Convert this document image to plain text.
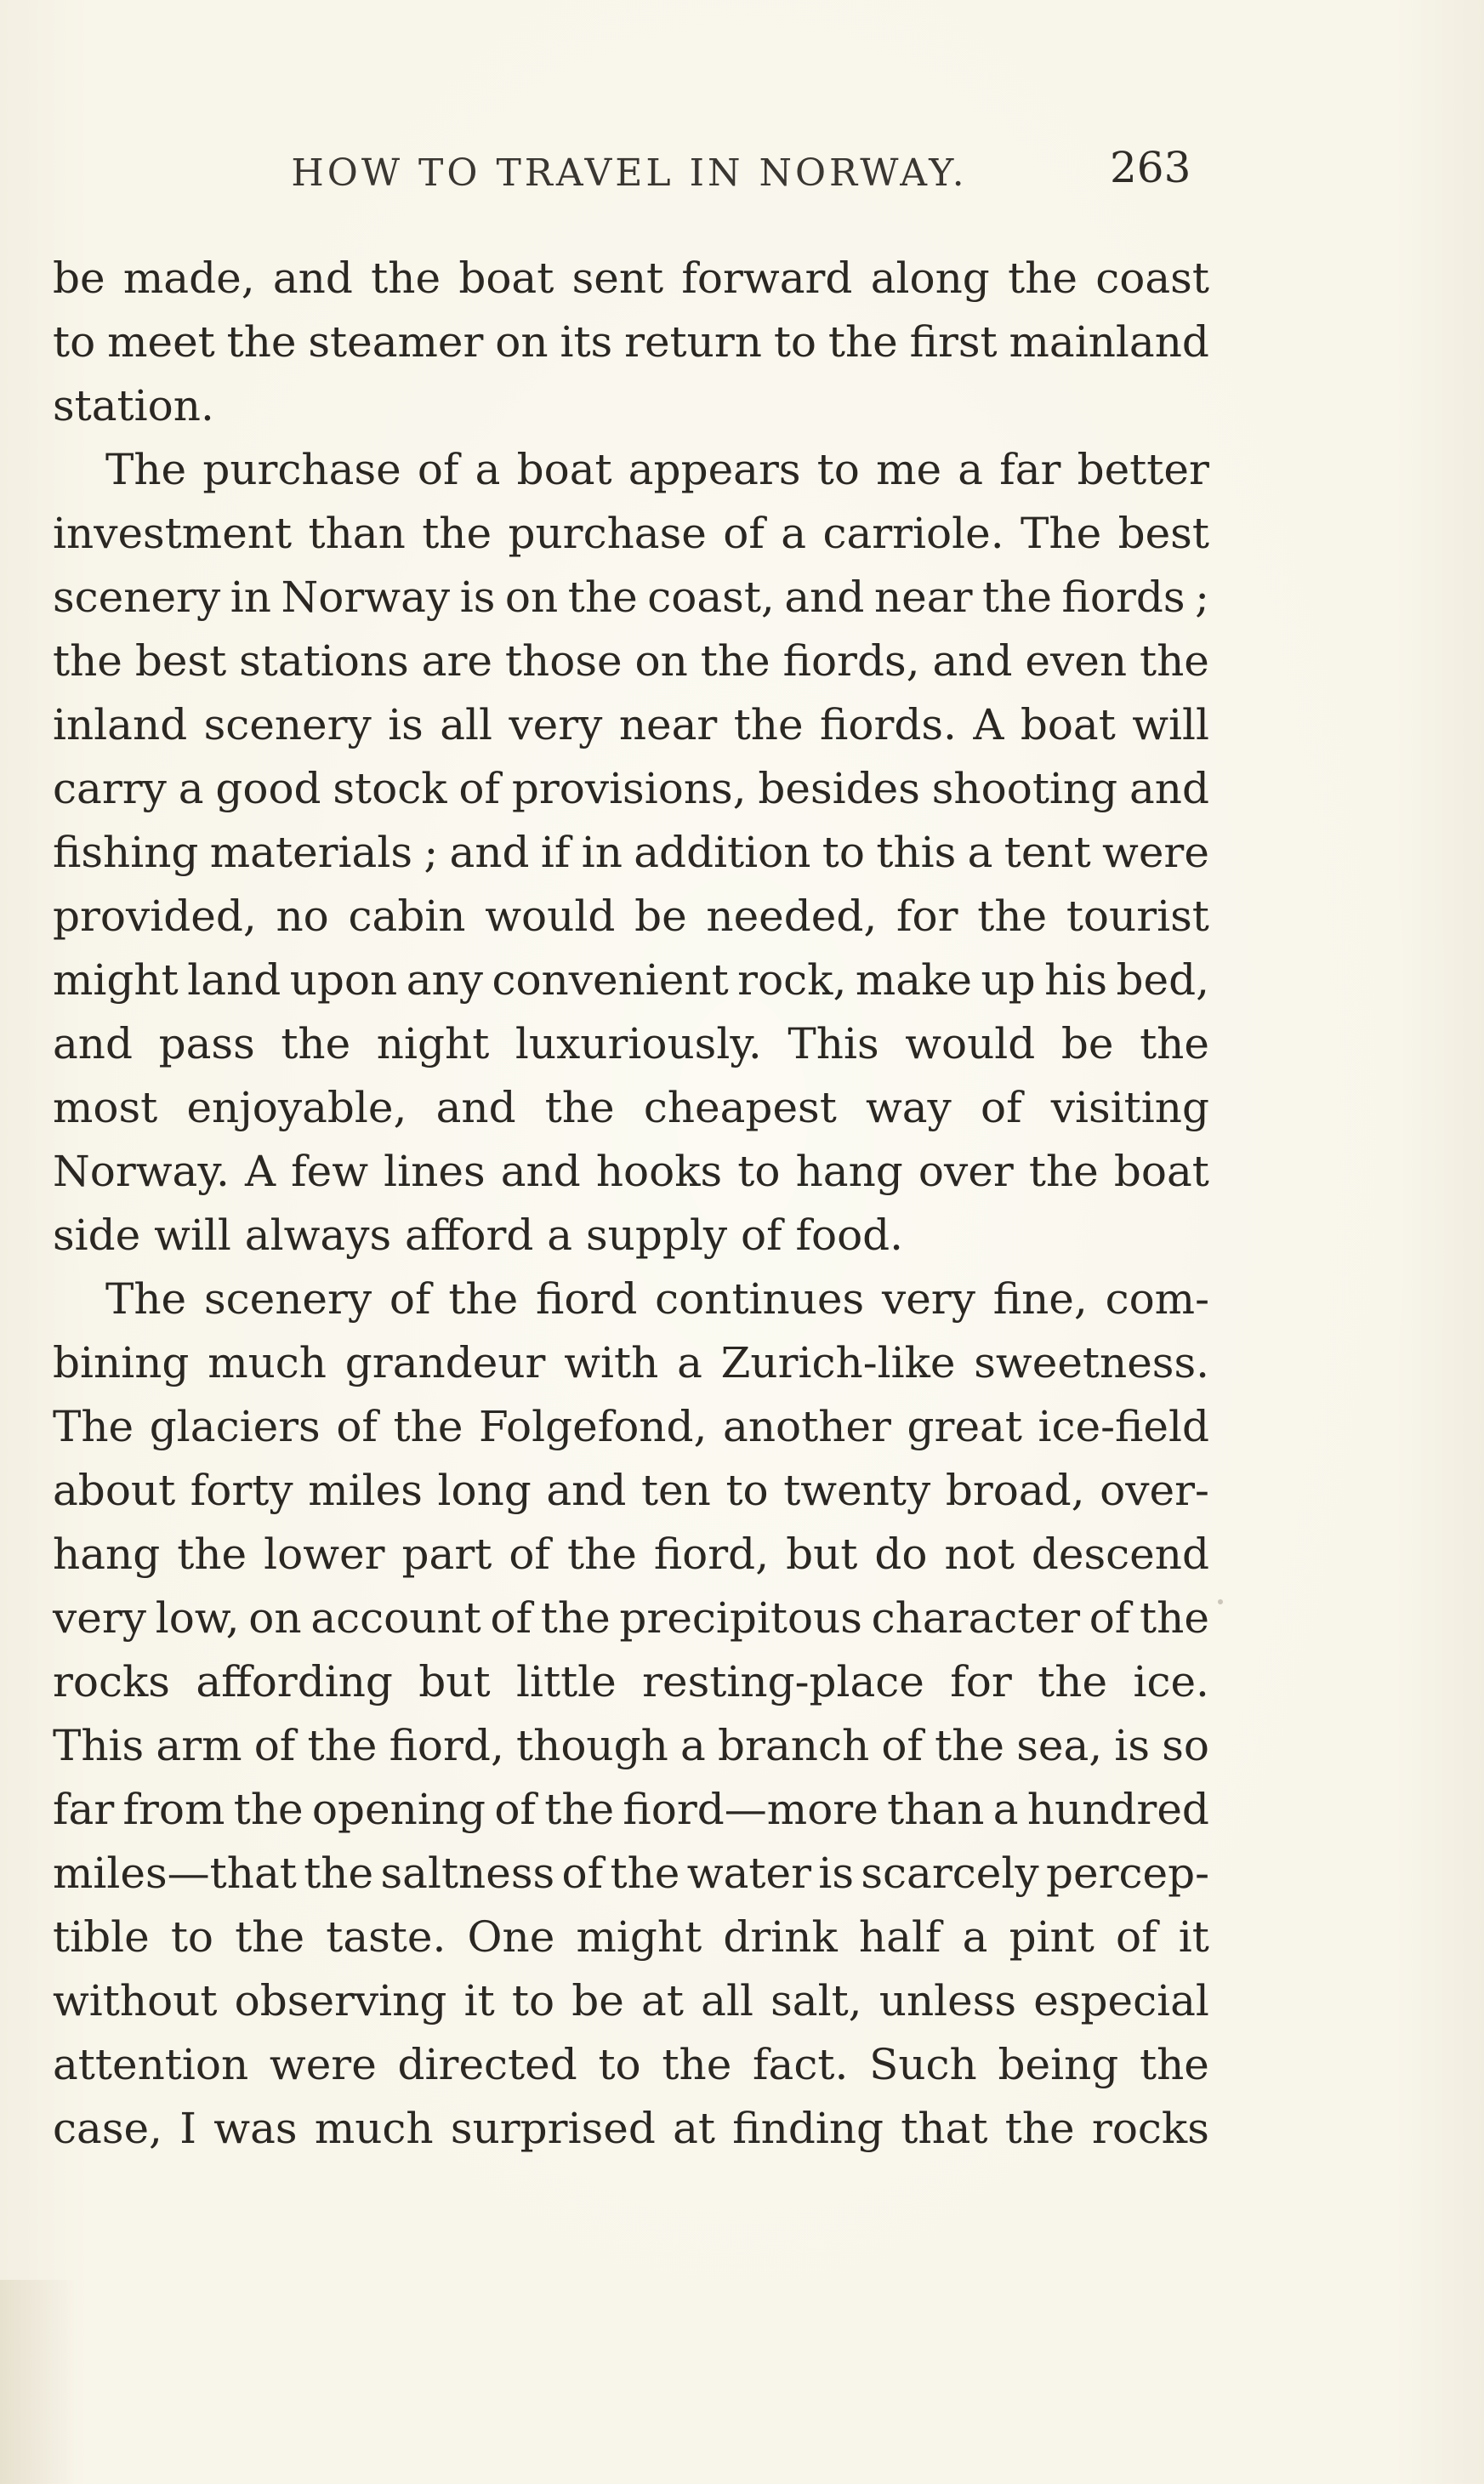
HOW TO TRAVEL IN NORWAY.	263
be made, and the boat sent forward along the coast
to meet the steamer on its return to the first mainland
station.
The purchase of a boat appears to me a far better
investment than the purchase of a carriole. The best
scenery in Norway is on the coast, and near the fiords ;
the best stations are those on the fiords, and even the
inland scenery is all very near the fiords. A boat will
carry a good stock of provisions, besides shooting and
fishing materials ; and if in addition to this a tent were
provided, no cabin would be needed, for the tourist
might land upon any convenient rock, make up his bed,
and pass the night luxuriously. This would be the
most enjoyable, and the cheapest way of visiting
Norway. A few lines and hooks to hang over the boat
side will always afford a supply of food.
The scenery of the fiord continues very fine, com-
bining much grandeur with a Zurich-like sweetness.
The glaciers of the Folgefond, another great ice-field
about forty miles long and ten to twenty broad, over-
hang the lower part of the fiord, but do not descend
very low, on account of the precipitous character of the
rocks affording but little resting-place for the ice.
This arm of the fiord, though a branch of the sea, is so
far from the opening of the fiord—more than a hundred
miles—that the saltness of the water is scarcely percep-
tible to the taste. One might drink half a pint of it
without observing it to be at all salt, unless especial
attention were directed to the fact. Such being the
case, I was much surprised at finding that the rocks
